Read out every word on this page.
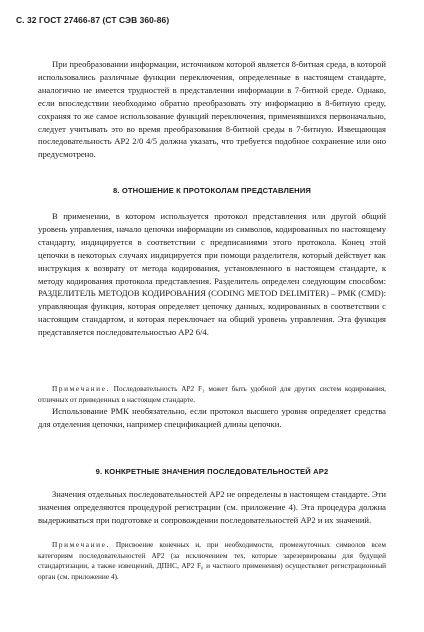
С. 32 ГОСТ 27466-87 (СТ СЭВ 360-86)

При преобразовании информации, источником которой является 8-битная среда, в которой использовались различные функции переключения, определенные в настоящем стандарте, аналогично не имеется трудностей в представлении информации в 7-битной среде. Однако, если впоследствии необходимо обратно преобразовать эту информацию в 8-битную среду, сохраняя то же самое использование функций переключения, применявшихся первоначально, следует учитывать это во время преобразования 8-битной среды в 7-битную. Извещающая последовательность АР2 2/0 4/5 должна указать, что требуется подобное сохранение или оно предусмотрено.

8. ОТНОШЕНИЕ К ПРОТОКОЛАМ ПРЕДСТАВЛЕНИЯ

В применении, в котором используется протокол представления или другой общий уровень управления, начало цепочки информации из символов, кодированных по настоящему стандарту, индицируется в соответствии с предписаниями этого протокола. Конец этой цепочки в некоторых случаях индицируется при помощи разделителя, который действует как инструкция к возврату от метода кодирования, установленного в настоящем стандарте, к методу кодирования протокола представления. Разделитель определен следующим способом: РАЗДЕЛИТЕЛЬ МЕТОДОВ КОДИРОВАНИЯ (CODING METOD DELIMITER) – РМК (CMD): управляющая функция, которая определяет цепочку данных, кодированных в соответствии с настоящим стандартом, и которая переключает на общий уровень управления. Эта функция представляется последовательностью АР2 6/4.

Примечание. Последовательность АР2 F₁ может быть удобной для других систем кодирования, отличных от приведенных в настоящем стандарте.

Использование РМК необязательно, если протокол высшего уровня определяет средства для отделения цепочки, например спецификацией длины цепочки.

9. КОНКРЕТНЫЕ ЗНАЧЕНИЯ ПОСЛЕДОВАТЕЛЬНОСТЕЙ АР2

Значения отдельных последовательностей АР2 не определены в настоящем стандарте. Эти значения определяются процедурой регистрации (см. приложение 4). Эта процедура должна выдерживаться при подготовке и сопровождении последовательностей АР2 и их значений.

Примечание. Присвоение конечных и, при необходимости, промежуточных символов всем категориям последовательностей АР2 (за исключением тех, которые зарезервированы для будущей стандартизации, а также извещений, ДПНС, АР2 F₀ и частного применения) осуществляет регистрационный орган (см. приложение 4).
